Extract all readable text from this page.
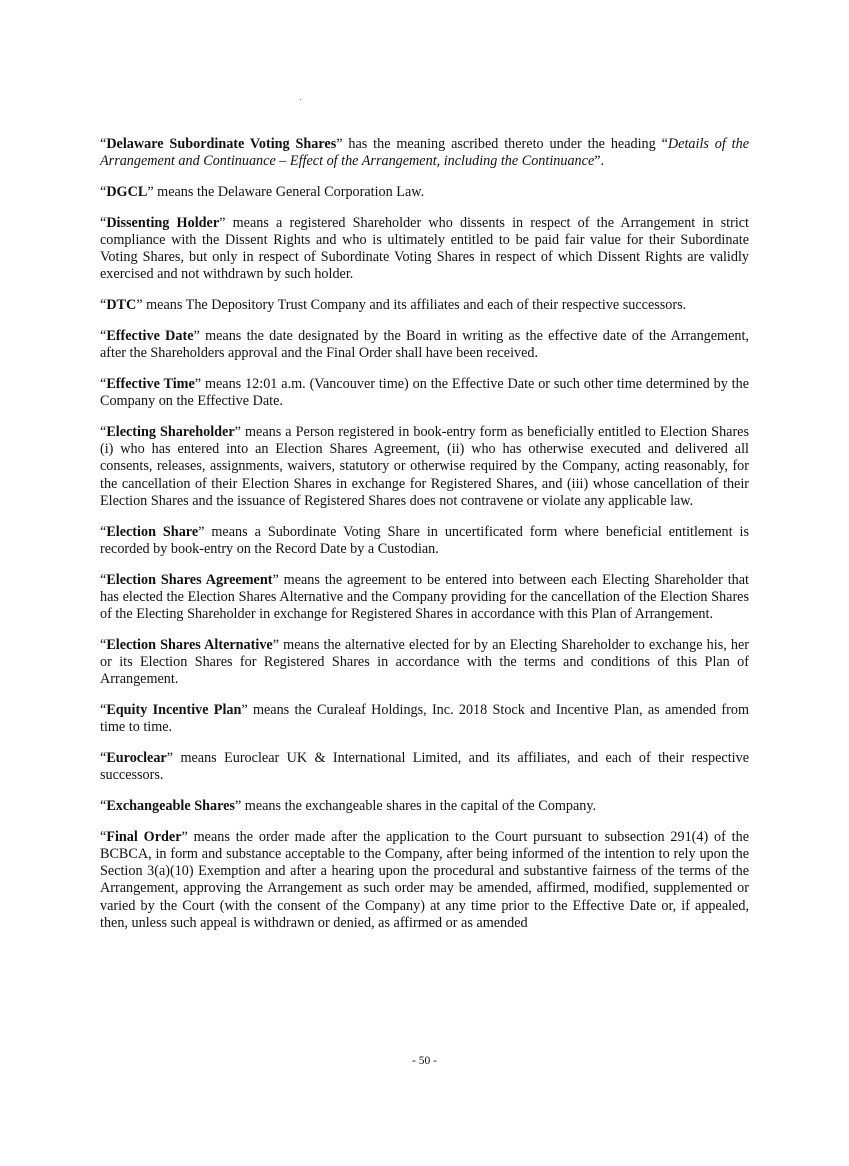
“Delaware Subordinate Voting Shares” has the meaning ascribed thereto under the heading “Details of the Arrangement and Continuance – Effect of the Arrangement, including the Continuance”.

“DGCL” means the Delaware General Corporation Law.

“Dissenting Holder” means a registered Shareholder who dissents in respect of the Arrangement in strict compliance with the Dissent Rights and who is ultimately entitled to be paid fair value for their Subordinate Voting Shares, but only in respect of Subordinate Voting Shares in respect of which Dissent Rights are validly exercised and not withdrawn by such holder.

“DTC” means The Depository Trust Company and its affiliates and each of their respective successors.

“Effective Date” means the date designated by the Board in writing as the effective date of the Arrangement, after the Shareholders approval and the Final Order shall have been received.

“Effective Time” means 12:01 a.m. (Vancouver time) on the Effective Date or such other time determined by the Company on the Effective Date.

“Electing Shareholder” means a Person registered in book-entry form as beneficially entitled to Election Shares (i) who has entered into an Election Shares Agreement, (ii) who has otherwise executed and delivered all consents, releases, assignments, waivers, statutory or otherwise required by the Company, acting reasonably, for the cancellation of their Election Shares in exchange for Registered Shares, and (iii) whose cancellation of their Election Shares and the issuance of Registered Shares does not contravene or violate any applicable law.

“Election Share” means a Subordinate Voting Share in uncertificated form where beneficial entitlement is recorded by book-entry on the Record Date by a Custodian.

“Election Shares Agreement” means the agreement to be entered into between each Electing Shareholder that has elected the Election Shares Alternative and the Company providing for the cancellation of the Election Shares of the Electing Shareholder in exchange for Registered Shares in accordance with this Plan of Arrangement.

“Election Shares Alternative” means the alternative elected for by an Electing Shareholder to exchange his, her or its Election Shares for Registered Shares in accordance with the terms and conditions of this Plan of Arrangement.

“Equity Incentive Plan” means the Curaleaf Holdings, Inc. 2018 Stock and Incentive Plan, as amended from time to time.

“Euroclear” means Euroclear UK & International Limited, and its affiliates, and each of their respective successors.

“Exchangeable Shares” means the exchangeable shares in the capital of the Company.

“Final Order” means the order made after the application to the Court pursuant to subsection 291(4) of the BCBCA, in form and substance acceptable to the Company, after being informed of the intention to rely upon the Section 3(a)(10) Exemption and after a hearing upon the procedural and substantive fairness of the terms of the Arrangement, approving the Arrangement as such order may be amended, affirmed, modified, supplemented or varied by the Court (with the consent of the Company) at any time prior to the Effective Date or, if appealed, then, unless such appeal is withdrawn or denied, as affirmed or as amended

- 50 -
